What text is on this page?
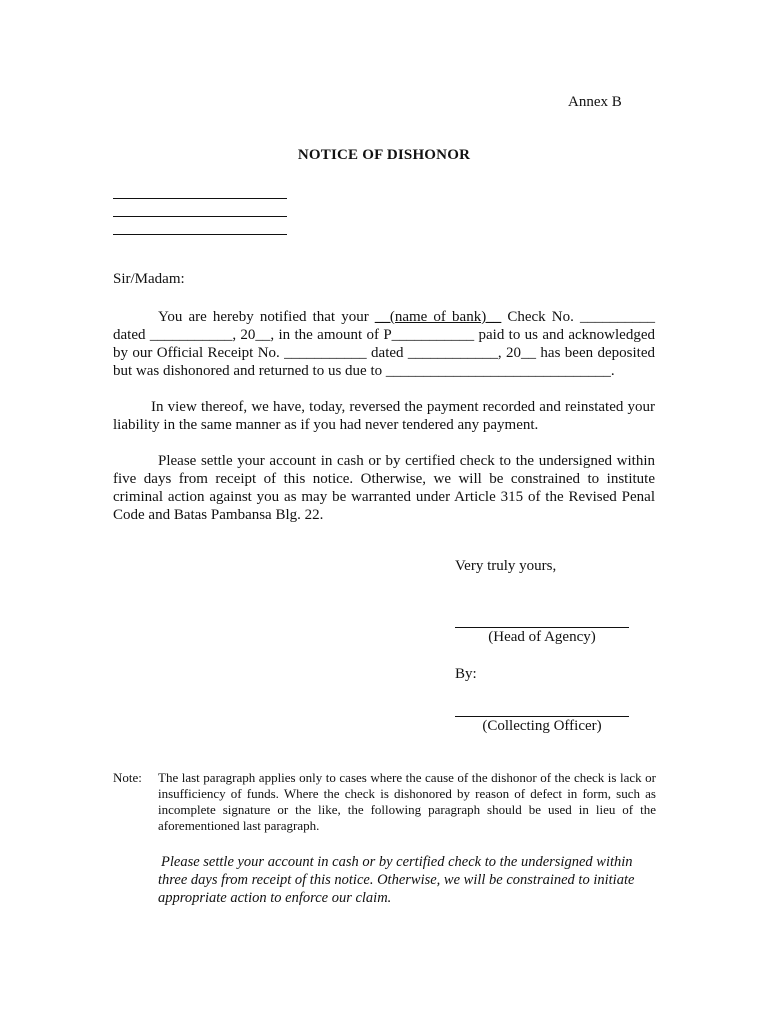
Annex B
NOTICE OF DISHONOR
Sir/Madam:

You are hereby notified that your __(name of bank)__ Check No. __________ dated ___________, 20__, in the amount of P___________ paid to us and acknowledged by our Official Receipt No. ___________ dated ____________, 20__ has been deposited but was dishonored and returned to us due to ______________________________.

In view thereof, we have, today, reversed the payment recorded and reinstated your liability in the same manner as if you had never tendered any payment.

Please settle your account in cash or by certified check to the undersigned within five days from receipt of this notice. Otherwise, we will be constrained to institute criminal action against you as may be warranted under Article 315 of the Revised Penal Code and Batas Pambansa Blg. 22.

Very truly yours,
(Head of Agency)
By:
(Collecting Officer)
Note: The last paragraph applies only to cases where the cause of the dishonor of the check is lack or insufficiency of funds. Where the check is dishonored by reason of defect in form, such as incomplete signature or the like, the following paragraph should be used in lieu of the aforementioned last paragraph.
Please settle your account in cash or by certified check to the undersigned within three days from receipt of this notice. Otherwise, we will be constrained to initiate appropriate action to enforce our claim.
